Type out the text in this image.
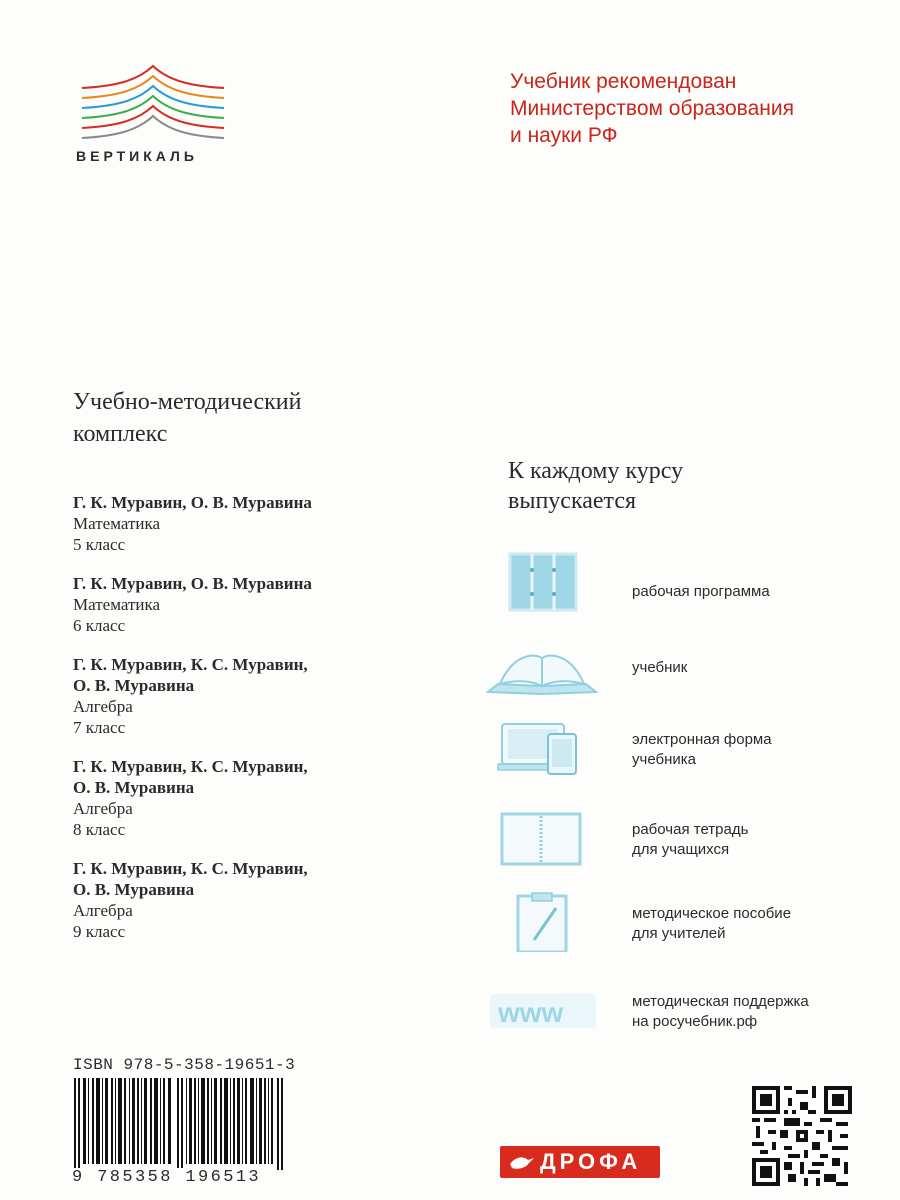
ВЕРТИКАЛЬ
Учебник рекомендован
Министерством образования
и науки РФ
Учебно-методический
комплекс
Г. К. Муравин, О. В. Муравина
Математика
5 класс
Г. К. Муравин, О. В. Муравина
Математика
6 класс
Г. К. Муравин, К. С. Муравин,
О. В. Муравина
Алгебра
7 класс
Г. К. Муравин, К. С. Муравин,
О. В. Муравина
Алгебра
8 класс
Г. К. Муравин, К. С. Муравин,
О. В. Муравина
Алгебра
9 класс
К каждому курсу
выпускается
рабочая программа
учебник
электронная форма
учебника
рабочая тетрадь
для учащихся
методическое пособие
для учителей
www	методическая поддержка
на росучебник.рф
ISBN 978-5-358-19651-3
9 785358 196513
ДРОФА
